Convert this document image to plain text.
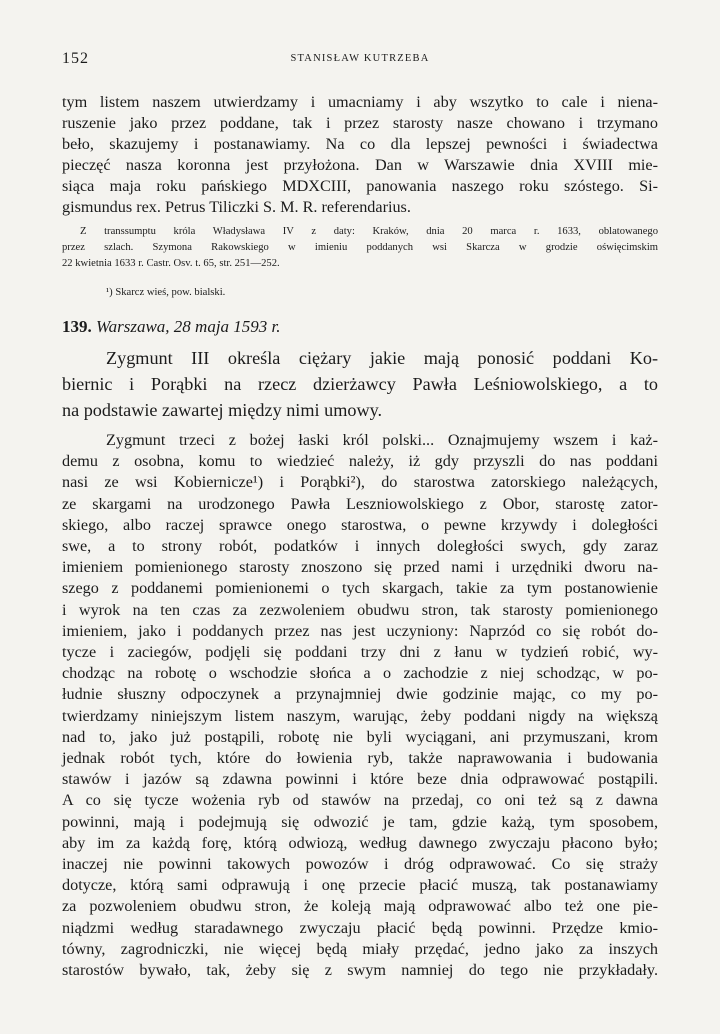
152	STANISŁAW KUTRZEBA
tym listem naszem utwierdzamy i umacniamy i aby wszytko to cale i niena-
ruszenie jako przez poddane, tak i przez starosty nasze chowano i trzymano
beło, skazujemy i postanawiamy. Na co dla lepszej pewności i świadectwa
pieczęć nasza koronna jest przyłożona. Dan w Warszawie dnia XVIII mie-
siąca maja roku pańskiego MDXCIII, panowania naszego roku szóstego. Si-
gismundus rex. Petrus Tiliczki S. M. R. referendarius.
Z transsumptu króla Władysława IV z daty: Kraków, dnia 20 marca r. 1633, oblatowanego
przez szlach. Szymona Rakowskiego w imieniu poddanych wsi Skarcza w grodzie oświęcimskim
22 kwietnia 1633 r. Castr. Osv. t. 65, str. 251—252.
¹) Skarcz wieś, pow. bialski.
139. Warszawa, 28 maja 1593 r.
Zygmunt III określa ciężary jakie mają ponosić poddani Ko-
biernic i Porąbki na rzecz dzierżawcy Pawła Leśniowolskiego, a to
na podstawie zawartej między nimi umowy.
Zygmunt trzeci z bożej łaski król polski... Oznajmujemy wszem i każ-
demu z osobna, komu to wiedzieć należy, iż gdy przyszli do nas poddani
nasi ze wsi Kobiernicze¹) i Porąbki²), do starostwa zatorskiego należących,
ze skargami na urodzonego Pawła Leszniowolskiego z Obor, starostę zator-
skiego, albo raczej sprawce onego starostwa, o pewne krzywdy i doległości
swe, a to strony robót, podatków i innych doległości swych, gdy zaraz
imieniem pomienionego starosty znoszono się przed nami i urzędniki dworu na-
szego z poddanemi pomienionemi o tych skargach, takie za tym postanowienie
i wyrok na ten czas za zezwoleniem obudwu stron, tak starosty pomienionego
imieniem, jako i poddanych przez nas jest uczyniony: Naprzód co się robót do-
tycze i zaciegów, podjęli się poddani trzy dni z łanu w tydzień robić, wy-
chodząc na robotę o wschodzie słońca a o zachodzie z niej schodząc, w po-
łudnie słuszny odpoczynek a przynajmniej dwie godzinie mając, co my po-
twierdzamy niniejszym listem naszym, warując, żeby poddani nigdy na większą
nad to, jako już postąpili, robotę nie byli wyciągani, ani przymuszani, krom
jednak robót tych, które do łowienia ryb, także naprawowania i budowania
stawów i jazów są zdawna powinni i które beze dnia odprawować postąpili.
A co się tycze wożenia ryb od stawów na przedaj, co oni też są z dawna
powinni, mają i podejmują się odwozić je tam, gdzie każą, tym sposobem,
aby im za każdą forę, którą odwiozą, według dawnego zwyczaju płacono było;
inaczej nie powinni takowych powozów i dróg odprawować. Co się straży
dotycze, którą sami odprawują i onę przecie płacić muszą, tak postanawiamy
za pozwoleniem obudwu stron, że koleją mają odprawować albo też one pie-
niądzmi według staradawnego zwyczaju płacić będą powinni. Przędze kmio-
tówny, zagrodniczki, nie więcej będą miały przędać, jedno jako za inszych
starostów bywało, tak, żeby się z swym namniej do tego nie przykładały.
